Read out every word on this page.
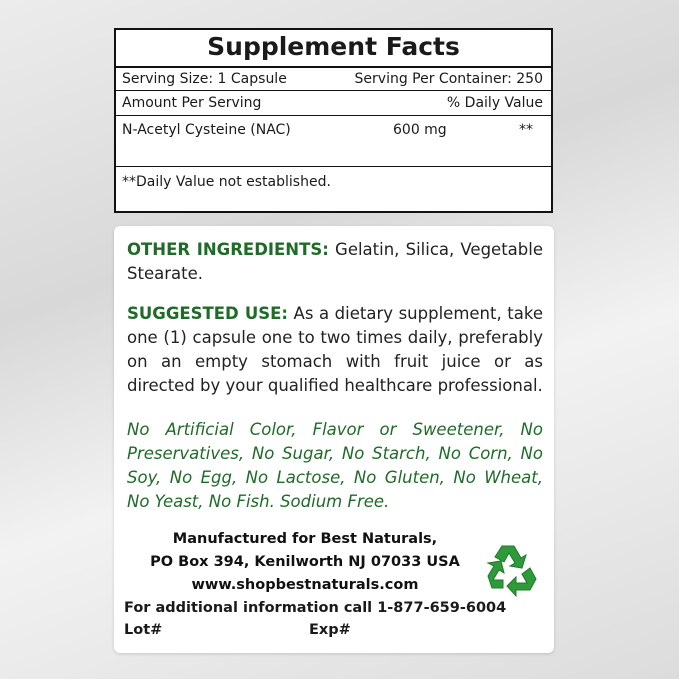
Supplement Facts
Serving Size: 1 Capsule	Serving Per Container: 250
Amount Per Serving	% Daily Value
N-Acetyl Cysteine (NAC)	600 mg	**
**Daily Value not established.

OTHER INGREDIENTS: Gelatin, Silica, Vegetable Stearate.

SUGGESTED USE: As a dietary supplement, take one (1) capsule one to two times daily, preferably on an empty stomach with fruit juice or as directed by your qualified healthcare professional.

No Artificial Color, Flavor or Sweetener, No Preservatives, No Sugar, No Starch, No Corn, No Soy, No Egg, No Lactose, No Gluten, No Wheat, No Yeast, No Fish. Sodium Free.

Manufactured for Best Naturals,
PO Box 394, Kenilworth NJ 07033 USA
www.shopbestnaturals.com
For additional information call 1-877-659-6004
Lot#	Exp#
